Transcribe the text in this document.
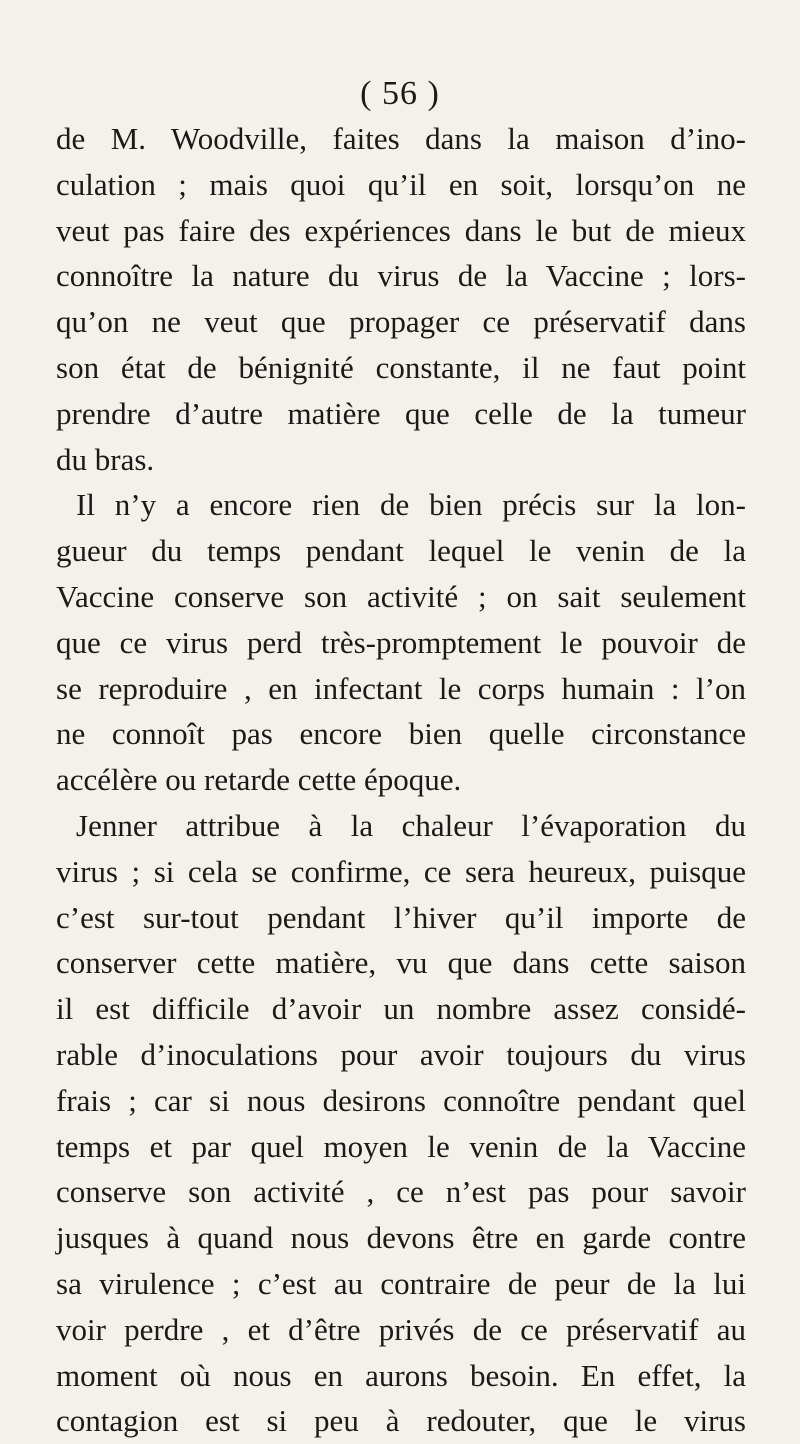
( 56 )
de M. Woodville, faites dans la maison d’ino-
culation ; mais quoi qu’il en soit, lorsqu’on ne
veut pas faire des expériences dans le but de mieux
connoître la nature du virus de la Vaccine ; lors-
qu’on ne veut que propager ce préservatif dans
son état de bénignité constante, il ne faut point
prendre d’autre matière que celle de la tumeur
du bras.
Il n’y a encore rien de bien précis sur la lon-
gueur du temps pendant lequel le venin de la
Vaccine conserve son activité ; on sait seulement
que ce virus perd très-promptement le pouvoir de
se reproduire , en infectant le corps humain : l’on
ne connoît pas encore bien quelle circonstance
accélère ou retarde cette époque.
Jenner attribue à la chaleur l’évaporation du
virus ; si cela se confirme, ce sera heureux, puisque
c’est sur-tout pendant l’hiver qu’il importe de
conserver cette matière, vu que dans cette saison
il est difficile d’avoir un nombre assez considé-
rable d’inoculations pour avoir toujours du virus
frais ; car si nous desirons connoître pendant quel
temps et par quel moyen le venin de la Vaccine
conserve son activité , ce n’est pas pour savoir
jusques à quand nous devons être en garde contre
sa virulence ; c’est au contraire de peur de la lui
voir perdre , et d’être privés de ce préservatif au
moment où nous en aurons besoin. En effet, la
contagion est si peu à redouter, que le virus
